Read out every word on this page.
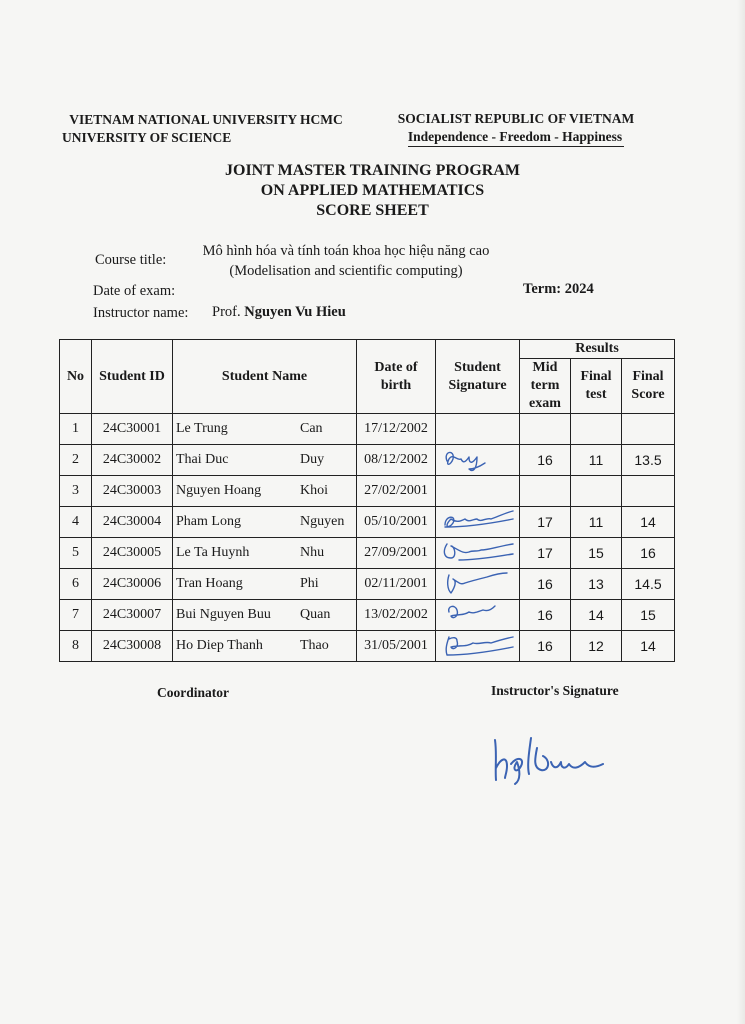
VIETNAM NATIONAL UNIVERSITY HCMC
UNIVERSITY OF SCIENCE
SOCIALIST REPUBLIC OF VIETNAM
Independence - Freedom - Happiness
JOINT MASTER TRAINING PROGRAM
ON APPLIED MATHEMATICS
SCORE SHEET
Course title:
Mô hình hóa và tính toán khoa học hiệu năng cao
(Modelisation and scientific computing)
Date of exam:	Term: 2024
Instructor name: Prof. Nguyen Vu Hieu
No	Student ID	Student Name	Date of birth	Student Signature	Results		
					Mid term exam	Final test	Final Score
1	24C30001	Le Trung Can	17/12/2002				
2	24C30002	Thai Duc Duy	08/12/2002		16	11	13.5
3	24C30003	Nguyen Hoang Khoi	27/02/2001				
4	24C30004	Pham Long Nguyen	05/10/2001		17	11	14
5	24C30005	Le Ta Huynh Nhu	27/09/2001		17	15	16
6	24C30006	Tran Hoang Phi	02/11/2001		16	13	14.5
7	24C30007	Bui Nguyen Buu Quan	13/02/2002		16	14	15
8	24C30008	Ho Diep Thanh Thao	31/05/2001		16	12	14
Coordinator	Instructor's Signature
